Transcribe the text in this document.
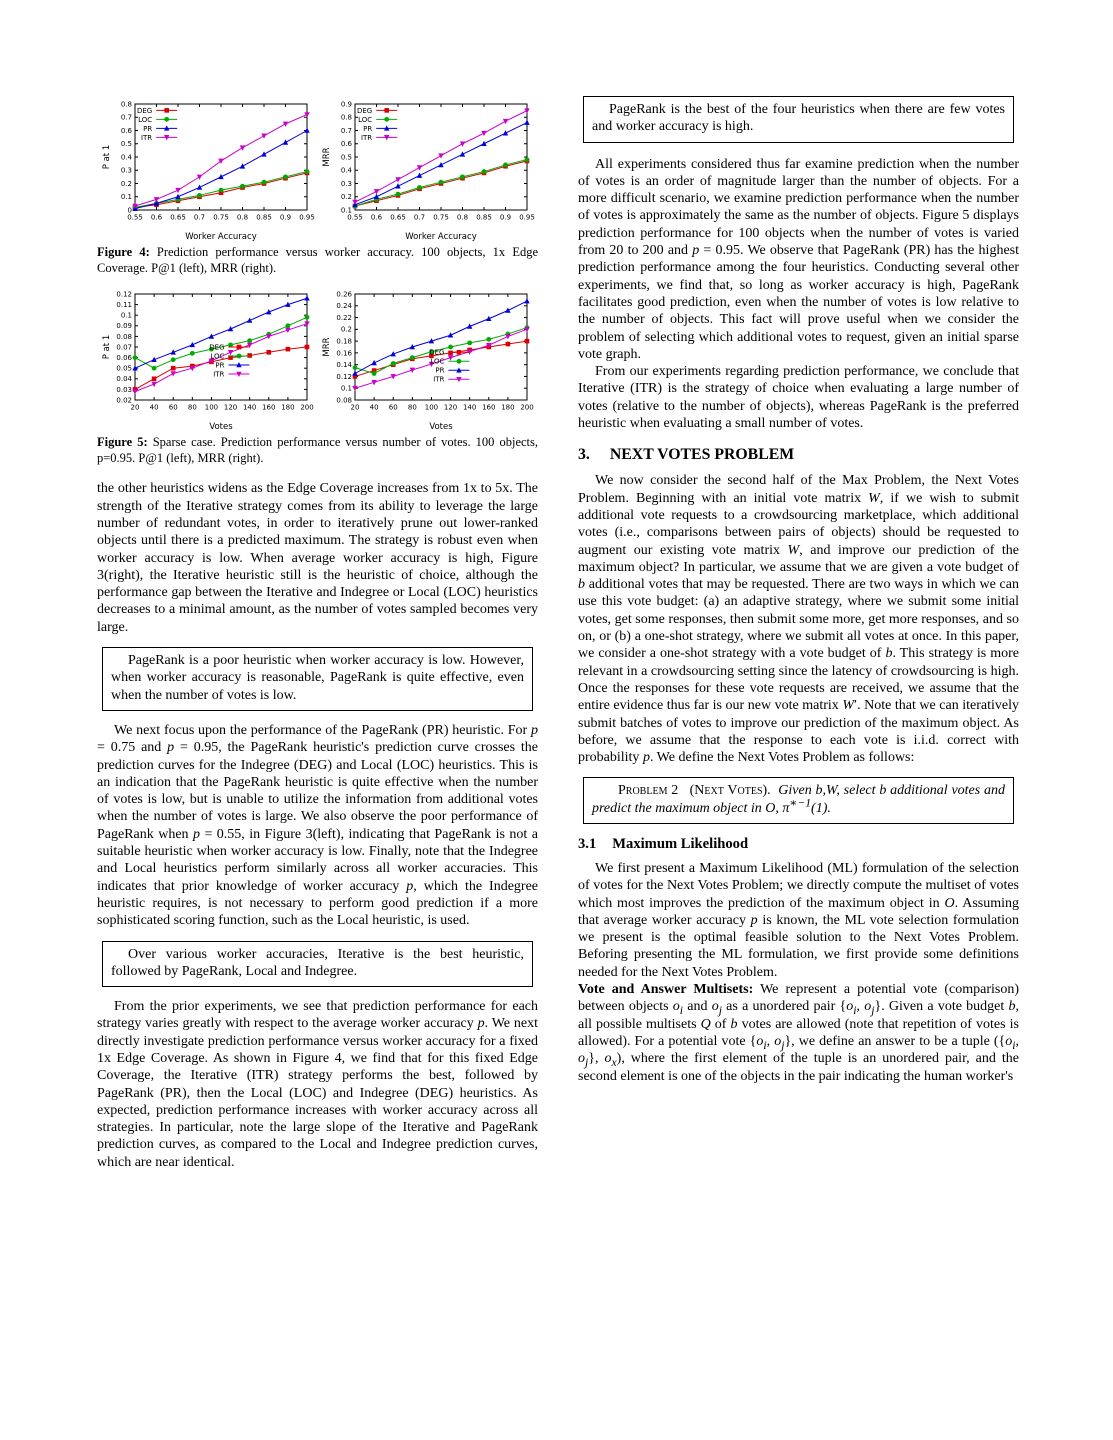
0
0.1
0.2
0.3
0.4
0.5
0.6
0.7
0.8
0.55 0.6 0.65 0.7 0.75 0.8 0.85 0.9 0.95
Worker Accuracy
P at 1
DEG
LOC
PR
ITR
0.1
0.2
0.3
0.4
0.5
0.6
0.7
0.8
0.9
0.55 0.6 0.65 0.7 0.75 0.8 0.85 0.9 0.95
Worker Accuracy
MRR
DEG
LOC
PR
ITR
Figure 4: Prediction performance versus worker accuracy. 100 objects, 1x Edge Coverage. P@1 (left), MRR (right).
0.02
0.03
0.04
0.05
0.06
0.07
0.08
0.09
0.1
0.11
0.12
20 40 60 80 100 120 140 160 180 200
Votes
P at 1	DEG
LOC
PR
ITR
0.08
0.1
0.12
0.14
0.16
0.18
0.2
0.22
0.24
0.26
20 40 60 80 100 120 140 160 180 200
Votes
MRR	DEG
LOC
PR
ITR
Figure 5: Sparse case. Prediction performance versus number of votes. 100 objects, p=0.95. P@1 (left), MRR (right).

the other heuristics widens as the Edge Coverage increases from 1x to 5x. The strength of the Iterative strategy comes from its ability to leverage the large number of redundant votes, in order to iteratively prune out lower-ranked objects until there is a predicted maximum. The strategy is robust even when worker accuracy is low. When average worker accuracy is high, Figure 3(right), the Iterative heuristic still is the heuristic of choice, although the performance gap between the Iterative and Indegree or Local (LOC) heuristics decreases to a minimal amount, as the number of votes sampled becomes very large.

PageRank is a poor heuristic when worker accuracy is low. However, when worker accuracy is reasonable, PageRank is quite effective, even when the number of votes is low.

We next focus upon the performance of the PageRank (PR) heuristic. For p = 0.75 and p = 0.95, the PageRank heuristic's prediction curve crosses the prediction curves for the Indegree (DEG) and Local (LOC) heuristics. This is an indication that the PageRank heuristic is quite effective when the number of votes is low, but is unable to utilize the information from additional votes when the number of votes is large. We also observe the poor performance of PageRank when p = 0.55, in Figure 3(left), indicating that PageRank is not a suitable heuristic when worker accuracy is low. Finally, note that the Indegree and Local heuristics perform similarly across all worker accuracies. This indicates that prior knowledge of worker accuracy p, which the Indegree heuristic requires, is not necessary to perform good prediction if a more sophisticated scoring function, such as the Local heuristic, is used.

Over various worker accuracies, Iterative is the best heuristic, followed by PageRank, Local and Indegree.

From the prior experiments, we see that prediction performance for each strategy varies greatly with respect to the average worker accuracy p. We next directly investigate prediction performance versus worker accuracy for a fixed 1x Edge Coverage. As shown in Figure 4, we find that for this fixed Edge Coverage, the Iterative (ITR) strategy performs the best, followed by PageRank (PR), then the Local (LOC) and Indegree (DEG) heuristics. As expected, prediction performance increases with worker accuracy across all strategies. In particular, note the large slope of the Iterative and PageRank prediction curves, as compared to the Local and Indegree prediction curves, which are near identical.

PageRank is the best of the four heuristics when there are few votes and worker accuracy is high.

All experiments considered thus far examine prediction when the number of votes is an order of magnitude larger than the number of objects. For a more difficult scenario, we examine prediction performance when the number of votes is approximately the same as the number of objects. Figure 5 displays prediction performance for 100 objects when the number of votes is varied from 20 to 200 and p = 0.95. We observe that PageRank (PR) has the highest prediction performance among the four heuristics. Conducting several other experiments, we find that, so long as worker accuracy is high, PageRank facilitates good prediction, even when the number of votes is low relative to the number of objects. This fact will prove useful when we consider the problem of selecting which additional votes to request, given an initial sparse vote graph.

From our experiments regarding prediction performance, we conclude that Iterative (ITR) is the strategy of choice when evaluating a large number of votes (relative to the number of objects), whereas PageRank is the preferred heuristic when evaluating a small number of votes.

3. NEXT VOTES PROBLEM

We now consider the second half of the Max Problem, the Next Votes Problem. Beginning with an initial vote matrix W, if we wish to submit additional vote requests to a crowdsourcing marketplace, which additional votes (i.e., comparisons between pairs of objects) should be requested to augment our existing vote matrix W, and improve our prediction of the maximum object? In particular, we assume that we are given a vote budget of b additional votes that may be requested. There are two ways in which we can use this vote budget: (a) an adaptive strategy, where we submit some initial votes, get some responses, then submit some more, get more responses, and so on, or (b) a one-shot strategy, where we submit all votes at once. In this paper, we consider a one-shot strategy with a vote budget of b. This strategy is more relevant in a crowdsourcing setting since the latency of crowdsourcing is high. Once the responses for these vote requests are received, we assume that the entire evidence thus far is our new vote matrix W′. Note that we can iteratively submit batches of votes to improve our prediction of the maximum object. As before, we assume that the response to each vote is i.i.d. correct with probability p. We define the Next Votes Problem as follows:

Problem 2 (Next Votes). Given b,W, select b additional votes and predict the maximum object in O, $\pi^{∗-1}(1)$.

3.1 Maximum Likelihood

We first present a Maximum Likelihood (ML) formulation of the selection of votes for the Next Votes Problem; we directly compute the multiset of votes which most improves the prediction of the maximum object in O. Assuming that average worker accuracy p is known, the ML vote selection formulation we present is the optimal feasible solution to the Next Votes Problem. Beforing presenting the ML formulation, we first provide some definitions needed for the Next Votes Problem.

Vote and Answer Multisets: We represent a potential vote (comparison) between objects $o_i$ and $o_j$ as a unordered pair {$o_i$, $o_j$}. Given a vote budget b, all possible multisets Q of b votes are allowed (note that repetition of votes is allowed). For a potential vote {$o_i$, $o_j$}, we define an answer to be a tuple ({$o_i$, $o_j$}, $o_x$), where the first element of the tuple is an unordered pair, and the second element is one of the objects in the pair indicating the human worker's
